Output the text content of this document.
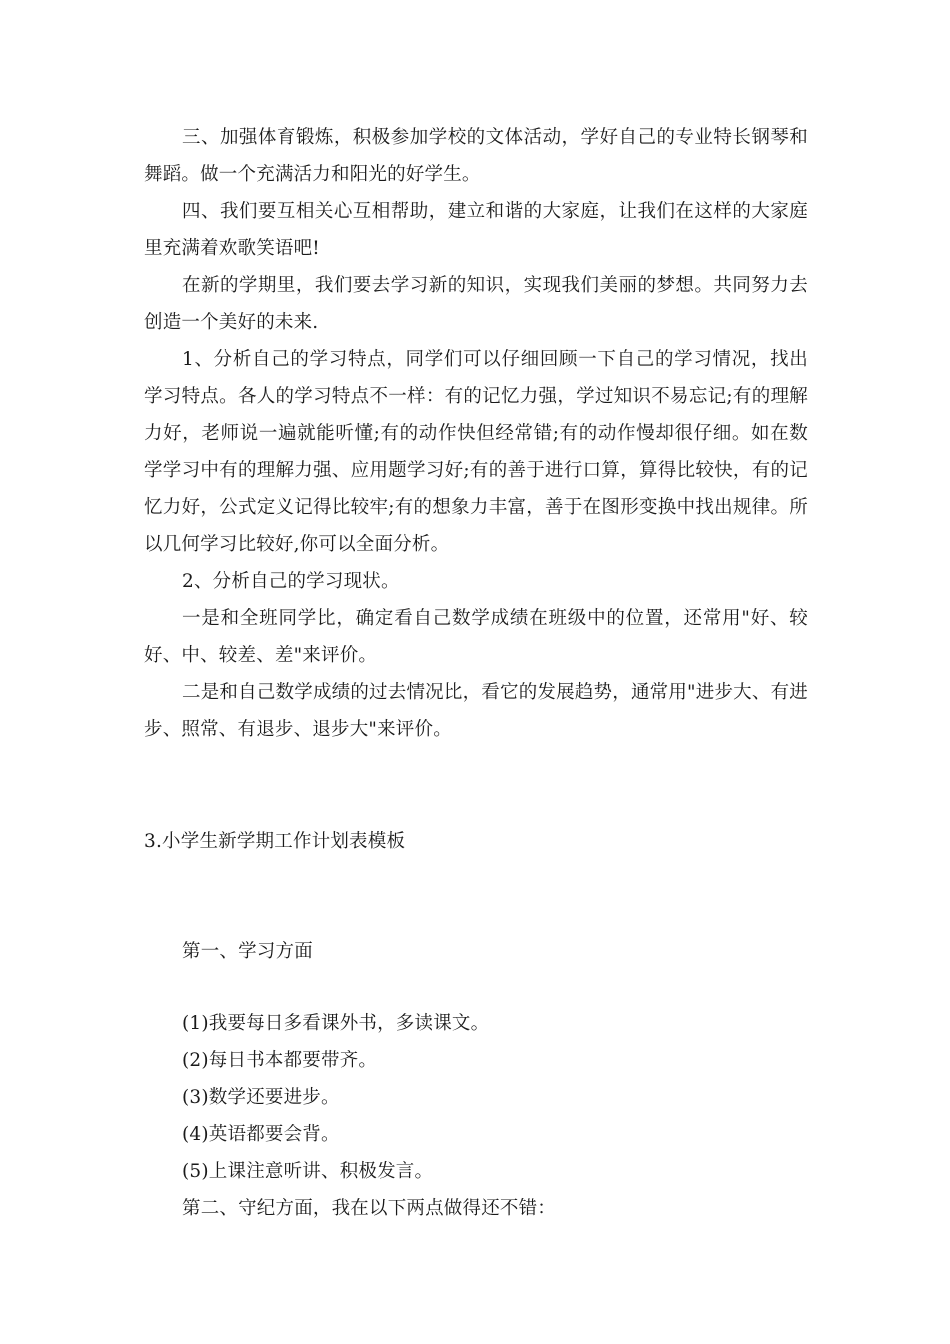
三、加强体育锻炼，积极参加学校的文体活动，学好自己的专业特长钢琴和舞蹈。做一个充满活力和阳光的好学生。

四、我们要互相关心互相帮助，建立和谐的大家庭，让我们在这样的大家庭里充满着欢歌笑语吧!

在新的学期里，我们要去学习新的知识，实现我们美丽的梦想。共同努力去创造一个美好的未来.

1、分析自己的学习特点，同学们可以仔细回顾一下自己的学习情况，找出学习特点。各人的学习特点不一样：有的记忆力强，学过知识不易忘记;有的理解力好，老师说一遍就能听懂;有的动作快但经常错;有的动作慢却很仔细。如在数学学习中有的理解力强、应用题学习好;有的善于进行口算，算得比较快，有的记忆力好，公式定义记得比较牢;有的想象力丰富，善于在图形变换中找出规律。所以几何学习比较好,你可以全面分析。

2、分析自己的学习现状。

一是和全班同学比，确定看自己数学成绩在班级中的位置，还常用"好、较好、中、较差、差"来评价。

二是和自己数学成绩的过去情况比，看它的发展趋势，通常用"进步大、有进步、照常、有退步、退步大"来评价。

3.小学生新学期工作计划表模板

第一、学习方面

(1)我要每日多看课外书，多读课文。

(2)每日书本都要带齐。

(3)数学还要进步。

(4)英语都要会背。

(5)上课注意听讲、积极发言。

第二、守纪方面，我在以下两点做得还不错：
